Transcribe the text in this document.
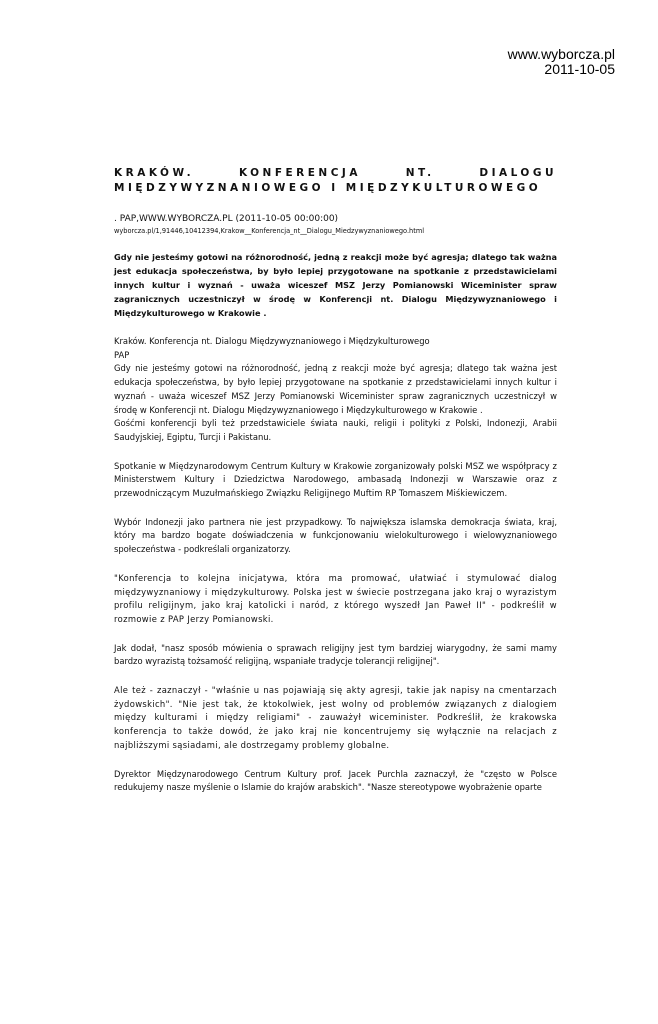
www.wyborcza.pl
2011-10-05
KRAKÓW. KONFERENCJA NT. DIALOGU MIĘDZYWYZNANIOWEGO I MIĘDZYKULTUROWEGO
. PAP,WWW.WYBORCZA.PL (2011-10-05 00:00:00)
wyborcza.pl/1,91446,10412394,Krakow__Konferencja_nt__Dialogu_Miedzywyznaniowego.html
Gdy nie jesteśmy gotowi na różnorodność, jedną z reakcji może być agresja; dlatego tak ważna jest edukacja społeczeństwa, by było lepiej przygotowane na spotkanie z przedstawicielami innych kultur i wyznań - uważa wiceszef MSZ Jerzy Pomianowski Wiceminister spraw zagranicznych uczestniczył w środę w Konferencji nt. Dialogu Międzywyznaniowego i Międzykulturowego w Krakowie .
Kraków. Konferencja nt. Dialogu Międzywyznaniowego i Międzykulturowego
PAP
Gdy nie jesteśmy gotowi na różnorodność, jedną z reakcji może być agresja; dlatego tak ważna jest edukacja społeczeństwa, by było lepiej przygotowane na spotkanie z przedstawicielami innych kultur i wyznań - uważa wiceszef MSZ Jerzy Pomianowski Wiceminister spraw zagranicznych uczestniczył w środę w Konferencji nt. Dialogu Międzywyznaniowego i Międzykulturowego w Krakowie .
Gośćmi konferencji byli też przedstawiciele świata nauki, religii i polityki z Polski, Indonezji, Arabii Saudyjskiej, Egiptu, Turcji i Pakistanu.

Spotkanie w Międzynarodowym Centrum Kultury w Krakowie zorganizowały polski MSZ we współpracy z Ministerstwem Kultury i Dziedzictwa Narodowego, ambasadą Indonezji w Warszawie oraz z przewodniczącym Muzułmańskiego Związku Religijnego Muftim RP Tomaszem Miśkiewiczem.

Wybór Indonezji jako partnera nie jest przypadkowy. To największa islamska demokracja świata, kraj, który ma bardzo bogate doświadczenia w funkcjonowaniu wielokulturowego i wielowyznaniowego społeczeństwa - podkreślali organizatorzy.

"Konferencja to kolejna inicjatywa, która ma promować, ułatwiać i stymulować dialog międzywyznaniowy i międzykulturowy. Polska jest w świecie postrzegana jako kraj o wyrazistym profilu religijnym, jako kraj katolicki i naród, z którego wyszedł Jan Paweł II" - podkreślił w rozmowie z PAP Jerzy Pomianowski.

Jak dodał, "nasz sposób mówienia o sprawach religijny jest tym bardziej wiarygodny, że sami mamy bardzo wyrazistą tożsamość religijną, wspaniałe tradycje tolerancji religijnej".

Ale też - zaznaczył - "właśnie u nas pojawiają się akty agresji, takie jak napisy na cmentarzach żydowskich". "Nie jest tak, że ktokolwiek, jest wolny od problemów związanych z dialogiem między kulturami i między religiami" - zauważył wiceminister. Podkreślił, że krakowska konferencja to także dowód, że jako kraj nie koncentrujemy się wyłącznie na relacjach z najbliższymi sąsiadami, ale dostrzegamy problemy globalne.

Dyrektor Międzynarodowego Centrum Kultury prof. Jacek Purchla zaznaczył, że "często w Polsce redukujemy nasze myślenie o Islamie do krajów arabskich". "Nasze stereotypowe wyobrażenie oparte
